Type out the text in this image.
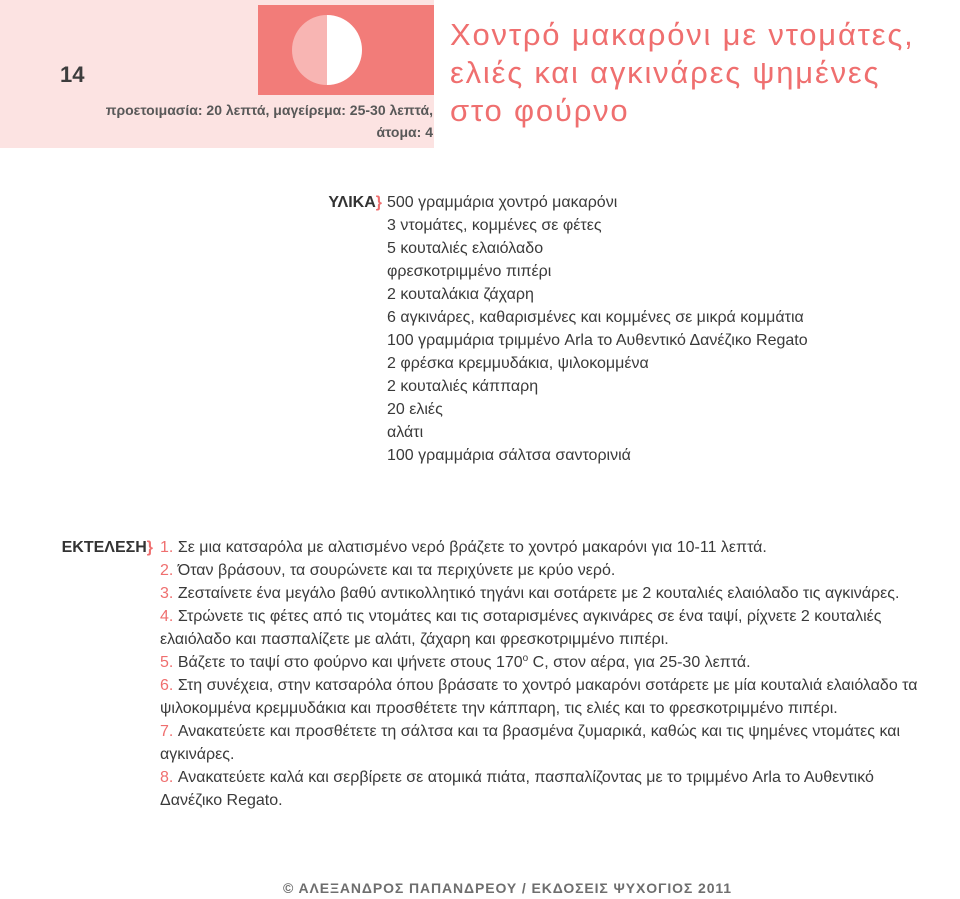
14
προετοιμασία: 20 λεπτά, μαγείρεμα: 25-30 λεπτά,
άτομα: 4
Χοντρό μακαρόνι με ντομάτες,
ελιές και αγκινάρες ψημένες
στο φούρνο
ΥΛΙΚΑ} 500 γραμμάρια χοντρό μακαρόνι
3 ντομάτες, κομμένες σε φέτες
5 κουταλιές ελαιόλαδο
φρεσκοτριμμένο πιπέρι
2 κουταλάκια ζάχαρη
6 αγκινάρες, καθαρισμένες και κομμένες σε μικρά κομμάτια
100 γραμμάρια τριμμένο Arla το Αυθεντικό Δανέζικο Regato
2 φρέσκα κρεμμυδάκια, ψιλοκομμένα
2 κουταλιές κάππαρη
20 ελιές
αλάτι
100 γραμμάρια σάλτσα σαντορινιά
ΕΚΤΕΛΕΣΗ} 1. Σε μια κατσαρόλα με αλατισμένο νερό βράζετε το χοντρό μακαρόνι για 10-11 λεπτά.
2. Όταν βράσουν, τα σουρώνετε και τα περιχύνετε με κρύο νερό.
3. Ζεσταίνετε ένα μεγάλο βαθύ αντικολλητικό τηγάνι και σοτάρετε με 2 κουταλιές ελαιόλαδο τις αγκινάρες.
4. Στρώνετε τις φέτες από τις ντομάτες και τις σοταρισμένες αγκινάρες σε ένα ταψί, ρίχνετε 2 κουταλιές ελαιόλαδο και πασπαλίζετε με αλάτι, ζάχαρη και φρεσκοτριμμένο πιπέρι.
5. Βάζετε το ταψί στο φούρνο και ψήνετε στους 170$^o$ C, στον αέρα, για 25-30 λεπτά.
6. Στη συνέχεια, στην κατσαρόλα όπου βράσατε το χοντρό μακαρόνι σοτάρετε με μία κουταλιά ελαιόλαδο τα ψιλοκομμένα κρεμμυδάκια και προσθέτετε την κάππαρη, τις ελιές και το φρεσκοτριμμένο πιπέρι.
7. Ανακατεύετε και προσθέτετε τη σάλτσα και τα βρασμένα ζυμαρικά, καθώς και τις ψημένες ντομάτες και αγκινάρες.
8. Ανακατεύετε καλά και σερβίρετε σε ατομικά πιάτα, πασπαλίζοντας με το τριμμένο Arla το Αυθεντικό Δανέζικο Regato.
© ΑΛΕΞΑΝΔΡΟΣ ΠΑΠΑΝΔΡΕΟΥ / ΕΚΔΟΣΕΙΣ ΨΥΧΟΓΙΟΣ 2011
